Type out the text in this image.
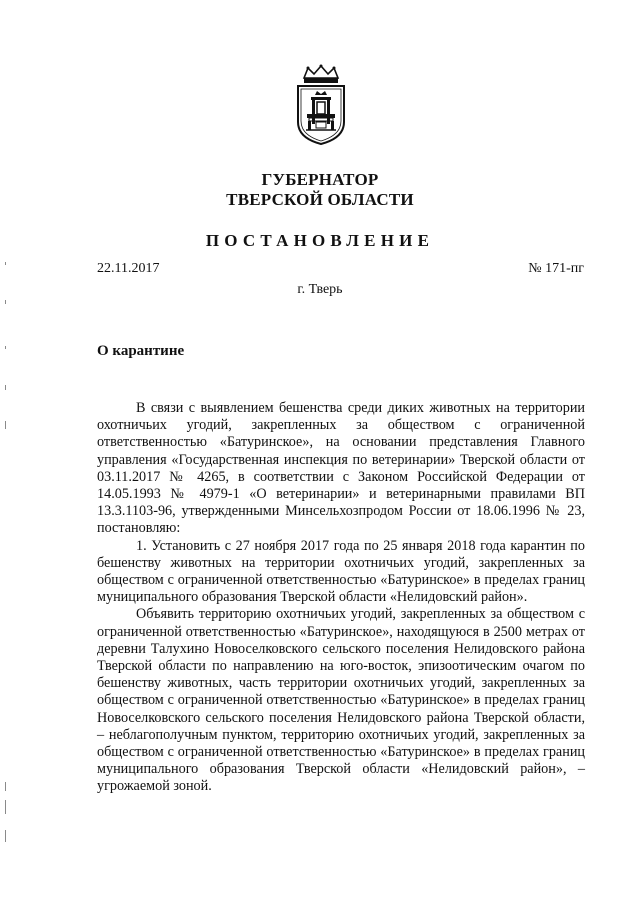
ГУБЕРНАТОР
ТВЕРСКОЙ ОБЛАСТИ
ПОСТАНОВЛЕНИЕ
22.11.2017	№ 171-пг
г. Тверь
О карантине

В связи с выявлением бешенства среди диких животных на территории охотничьих угодий, закрепленных за обществом с ограниченной ответственностью «Батуринское», на основании представления Главного управления «Государственная инспекция по ветеринарии» Тверской области от 03.11.2017 № 4265, в соответствии с Законом Российской Федерации от 14.05.1993 № 4979-1 «О ветеринарии» и ветеринарными правилами ВП 13.3.1103-96, утвержденными Минсельхозпродом России от 18.06.1996 № 23, постановляю:

1. Установить с 27 ноября 2017 года по 25 января 2018 года карантин по бешенству животных на территории охотничьих угодий, закрепленных за обществом с ограниченной ответственностью «Батуринское» в пределах границ муниципального образования Тверской области «Нелидовский район».

Объявить территорию охотничьих угодий, закрепленных за обществом с ограниченной ответственностью «Батуринское», находящуюся в 2500 метрах от деревни Талухино Новоселковского сельского поселения Нелидовского района Тверской области по направлению на юго-восток, эпизоотическим очагом по бешенству животных, часть территории охотничьих угодий, закрепленных за обществом с ограниченной ответственностью «Батуринское» в пределах границ Новоселковского сельского поселения Нелидовского района Тверской области, – неблагополучным пунктом, территорию охотничьих угодий, закрепленных за обществом с ограниченной ответственностью «Батуринское» в пределах границ муниципального образования Тверской области «Нелидовский район», – угрожаемой зоной.
